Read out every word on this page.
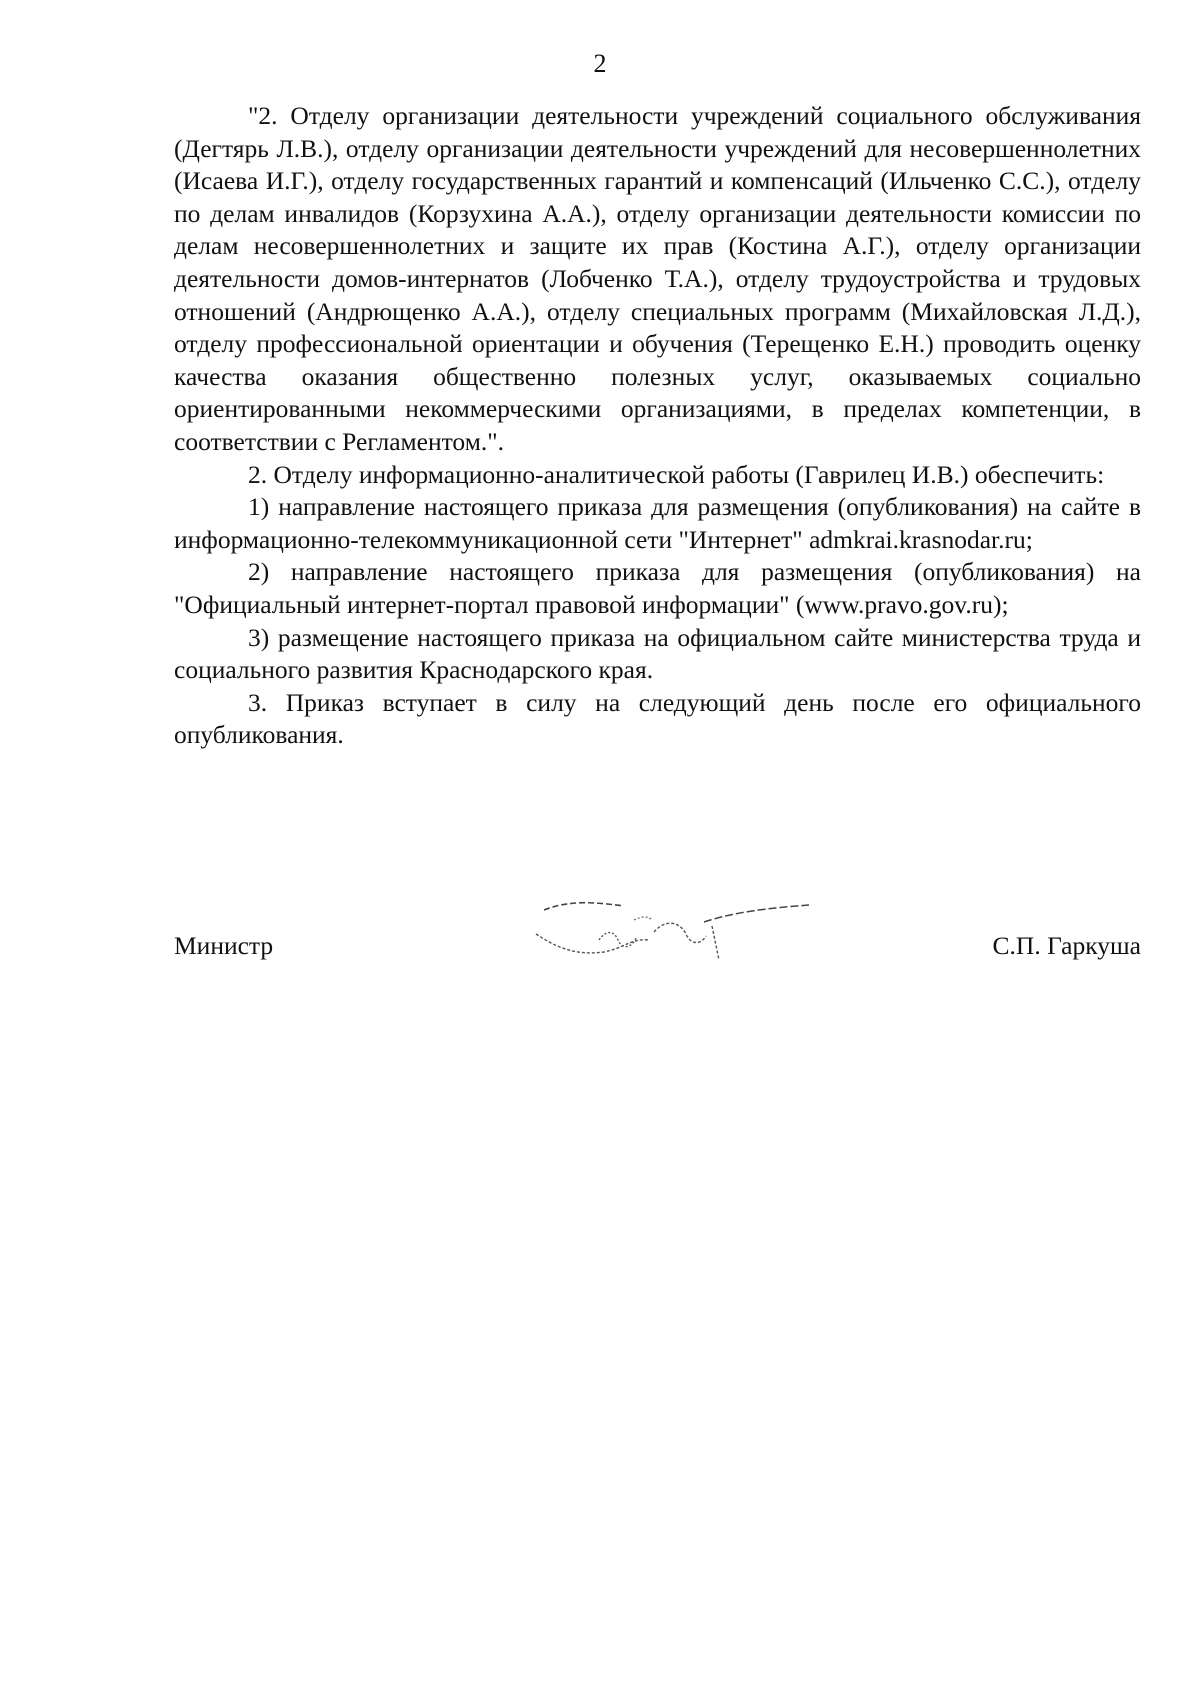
2

"2. Отделу организации деятельности учреждений социального обслуживания (Дегтярь Л.В.), отделу организации деятельности учреждений для несовершеннолетних (Исаева И.Г.), отделу государственных гарантий и компенсаций (Ильченко С.С.), отделу по делам инвалидов (Корзухина А.А.), отделу организации деятельности комиссии по делам несовершеннолетних и защите их прав (Костина А.Г.), отделу организации деятельности домов-интернатов (Лобченко Т.А.), отделу трудоустройства и трудовых отношений (Андрющенко А.А.), отделу специальных программ (Михайловская Л.Д.), отделу профессиональной ориентации и обучения (Терещенко Е.Н.) проводить оценку качества оказания общественно полезных услуг, оказываемых социально ориентированными некоммерческими организациями, в пределах компетенции, в соответствии с Регламентом.".

2. Отделу информационно-аналитической работы (Гаврилец И.В.) обеспечить:

1) направление настоящего приказа для размещения (опубликования) на сайте в информационно-телекоммуникационной сети "Интернет" admkrai.krasnodar.ru;

2) направление настоящего приказа для размещения (опубликования) на "Официальный интернет-портал правовой информации" (www.pravo.gov.ru);

3) размещение настоящего приказа на официальном сайте министерства труда и социального развития Краснодарского края.

3. Приказ вступает в силу на следующий день после его официального опубликования.

Министр	С.П. Гаркуша
